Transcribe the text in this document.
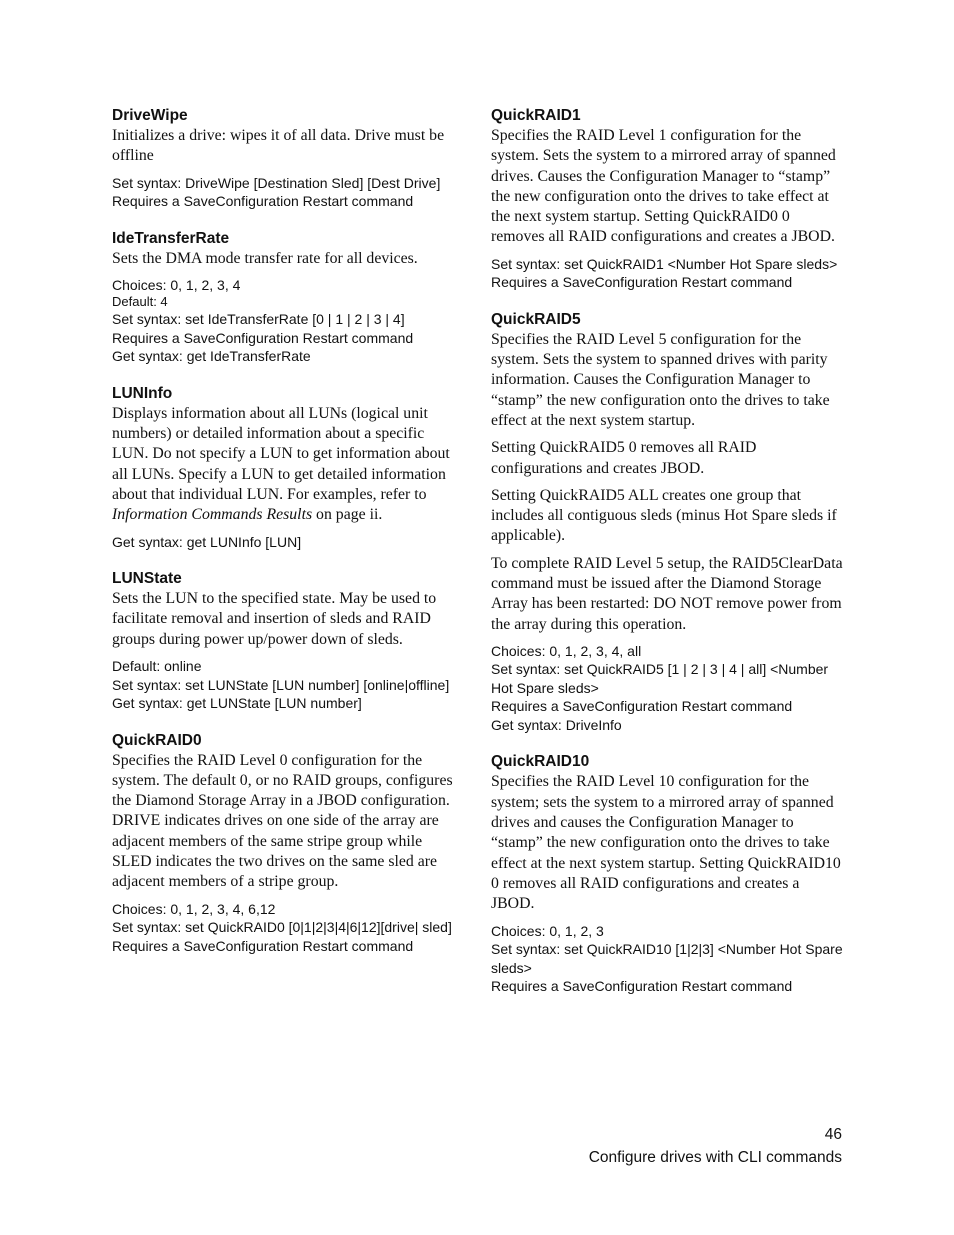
DriveWipe

Initializes a drive: wipes it of all data. Drive must be offline

Set syntax: DriveWipe [Destination Sled] [Dest Drive]

Requires a SaveConfiguration Restart command

IdeTransferRate

Sets the DMA mode transfer rate for all devices.

Choices: 0, 1, 2, 3, 4

Default: 4

Set syntax: set IdeTransferRate [0 | 1 | 2 | 3 | 4]

Requires a SaveConfiguration Restart command

Get syntax: get IdeTransferRate

LUNInfo

Displays information about all LUNs (logical unit numbers) or detailed information about a specific LUN. Do not specify a LUN to get information about all LUNs. Specify a LUN to get detailed information about that individual LUN. For examples, refer to Information Commands Results on page ii.

Get syntax: get LUNInfo [LUN]

LUNState

Sets the LUN to the specified state. May be used to facilitate removal and insertion of sleds and RAID groups during power up/power down of sleds.

Default: online

Set syntax: set LUNState [LUN number] [online|offline]

Get syntax: get LUNState [LUN number]

QuickRAID0

Specifies the RAID Level 0 configuration for the system. The default 0, or no RAID groups, configures the Diamond Storage Array in a JBOD configuration. DRIVE indicates drives on one side of the array are adjacent members of the same stripe group while SLED indicates the two drives on the same sled are adjacent members of a stripe group.

Choices: 0, 1, 2, 3, 4, 6,12

Set syntax: set QuickRAID0 [0|1|2|3|4|6|12][drive| sled]

Requires a SaveConfiguration Restart command

QuickRAID1

Specifies the RAID Level 1 configuration for the system. Sets the system to a mirrored array of spanned drives. Causes the Configuration Manager to “stamp” the new configuration onto the drives to take effect at the next system startup. Setting QuickRAID0 0 removes all RAID configurations and creates a JBOD.

Set syntax: set QuickRAID1 <Number Hot Spare sleds>

Requires a SaveConfiguration Restart command

QuickRAID5

Specifies the RAID Level 5 configuration for the system. Sets the system to spanned drives with parity information. Causes the Configuration Manager to “stamp” the new configuration onto the drives to take effect at the next system startup.

Setting QuickRAID5 0 removes all RAID configurations and creates JBOD.

Setting QuickRAID5 ALL creates one group that includes all contiguous sleds (minus Hot Spare sleds if applicable).

To complete RAID Level 5 setup, the RAID5ClearData command must be issued after the Diamond Storage Array has been restarted: DO NOT remove power from the array during this operation.

Choices: 0, 1, 2, 3, 4, all

Set syntax: set QuickRAID5 [1 | 2 | 3 | 4 | all] <Number Hot Spare sleds>

Requires a SaveConfiguration Restart command

Get syntax: DriveInfo

QuickRAID10

Specifies the RAID Level 10 configuration for the system; sets the system to a mirrored array of spanned drives and causes the Configuration Manager to “stamp” the new configuration onto the drives to take effect at the next system startup. Setting QuickRAID10 0 removes all RAID configurations and creates a JBOD.

Choices: 0, 1, 2, 3

Set syntax: set QuickRAID10 [1|2|3] <Number Hot Spare sleds>

Requires a SaveConfiguration Restart command

46
Configure drives with CLI commands
